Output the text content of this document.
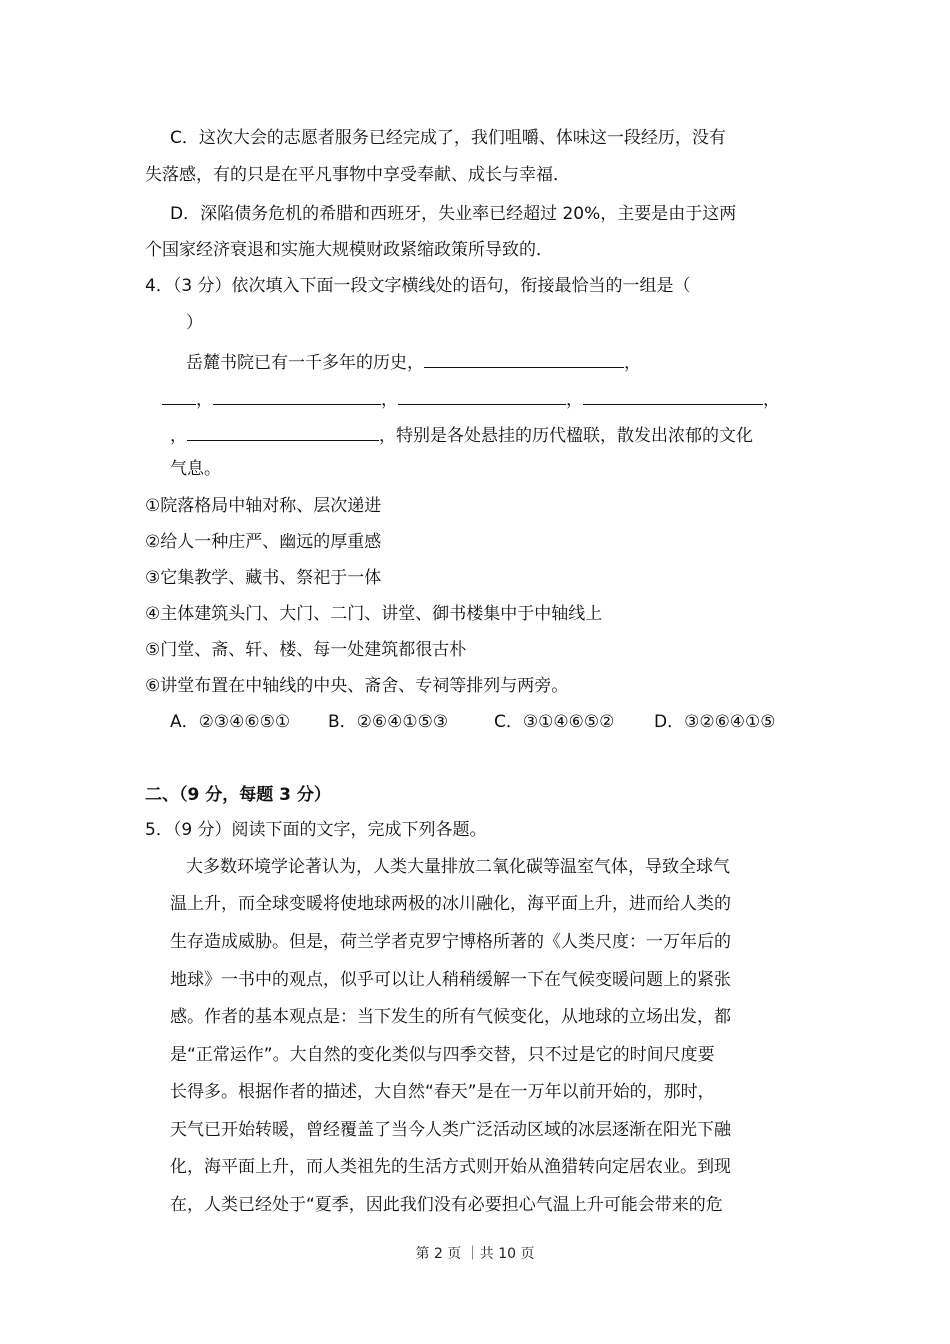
C．这次大会的志愿者服务已经完成了，我们咀嚼、体味这一段经历，没有
失落感，有的只是在平凡事物中享受奉献、成长与幸福．
D．深陷债务危机的希腊和西班牙，失业率已经超过 20%，主要是由于这两
个国家经济衰退和实施大规模财政紧缩政策所导致的．
4．（3 分）依次填入下面一段文字横线处的语句，衔接最恰当的一组是（
）
岳麓书院已有一千多年的历史，	，
，	，	，	，
，	，特别是各处悬挂的历代楹联，散发出浓郁的文化
气息。
①院落格局中轴对称、层次递进
②给人一种庄严、幽远的厚重感
③它集教学、藏书、祭祀于一体
④主体建筑头门、大门、二门、讲堂、御书楼集中于中轴线上
⑤门堂、斋、轩、楼、每一处建筑都很古朴
⑥讲堂布置在中轴线的中央、斋舍、专祠等排列与两旁。
A．②③④⑥⑤① B．②⑥④①⑤③	C．③①④⑥⑤② D．③②⑥④①⑤
二、（9 分，每题 3 分）
5．（9 分）阅读下面的文字，完成下列各题。
大多数环境学论著认为，人类大量排放二氧化碳等温室气体，导致全球气
温上升，而全球变暖将使地球两极的冰川融化，海平面上升，进而给人类的
生存造成威胁。但是，荷兰学者克罗宁博格所著的《人类尺度：一万年后的
地球》一书中的观点，似乎可以让人稍稍缓解一下在气候变暖问题上的紧张
感。作者的基本观点是：当下发生的所有气候变化，从地球的立场出发，都
是“正常运作”。大自然的变化类似与四季交替，只不过是它的时间尺度要
长得多。根据作者的描述，大自然“春天”是在一万年以前开始的，那时，
天气已开始转暖，曾经覆盖了当今人类广泛活动区域的冰层逐渐在阳光下融
化，海平面上升，而人类祖先的生活方式则开始从渔猎转向定居农业。到现
在，人类已经处于“夏季，因此我们没有必要担心气温上升可能会带来的危
第 2 页 ｜共 10 页
